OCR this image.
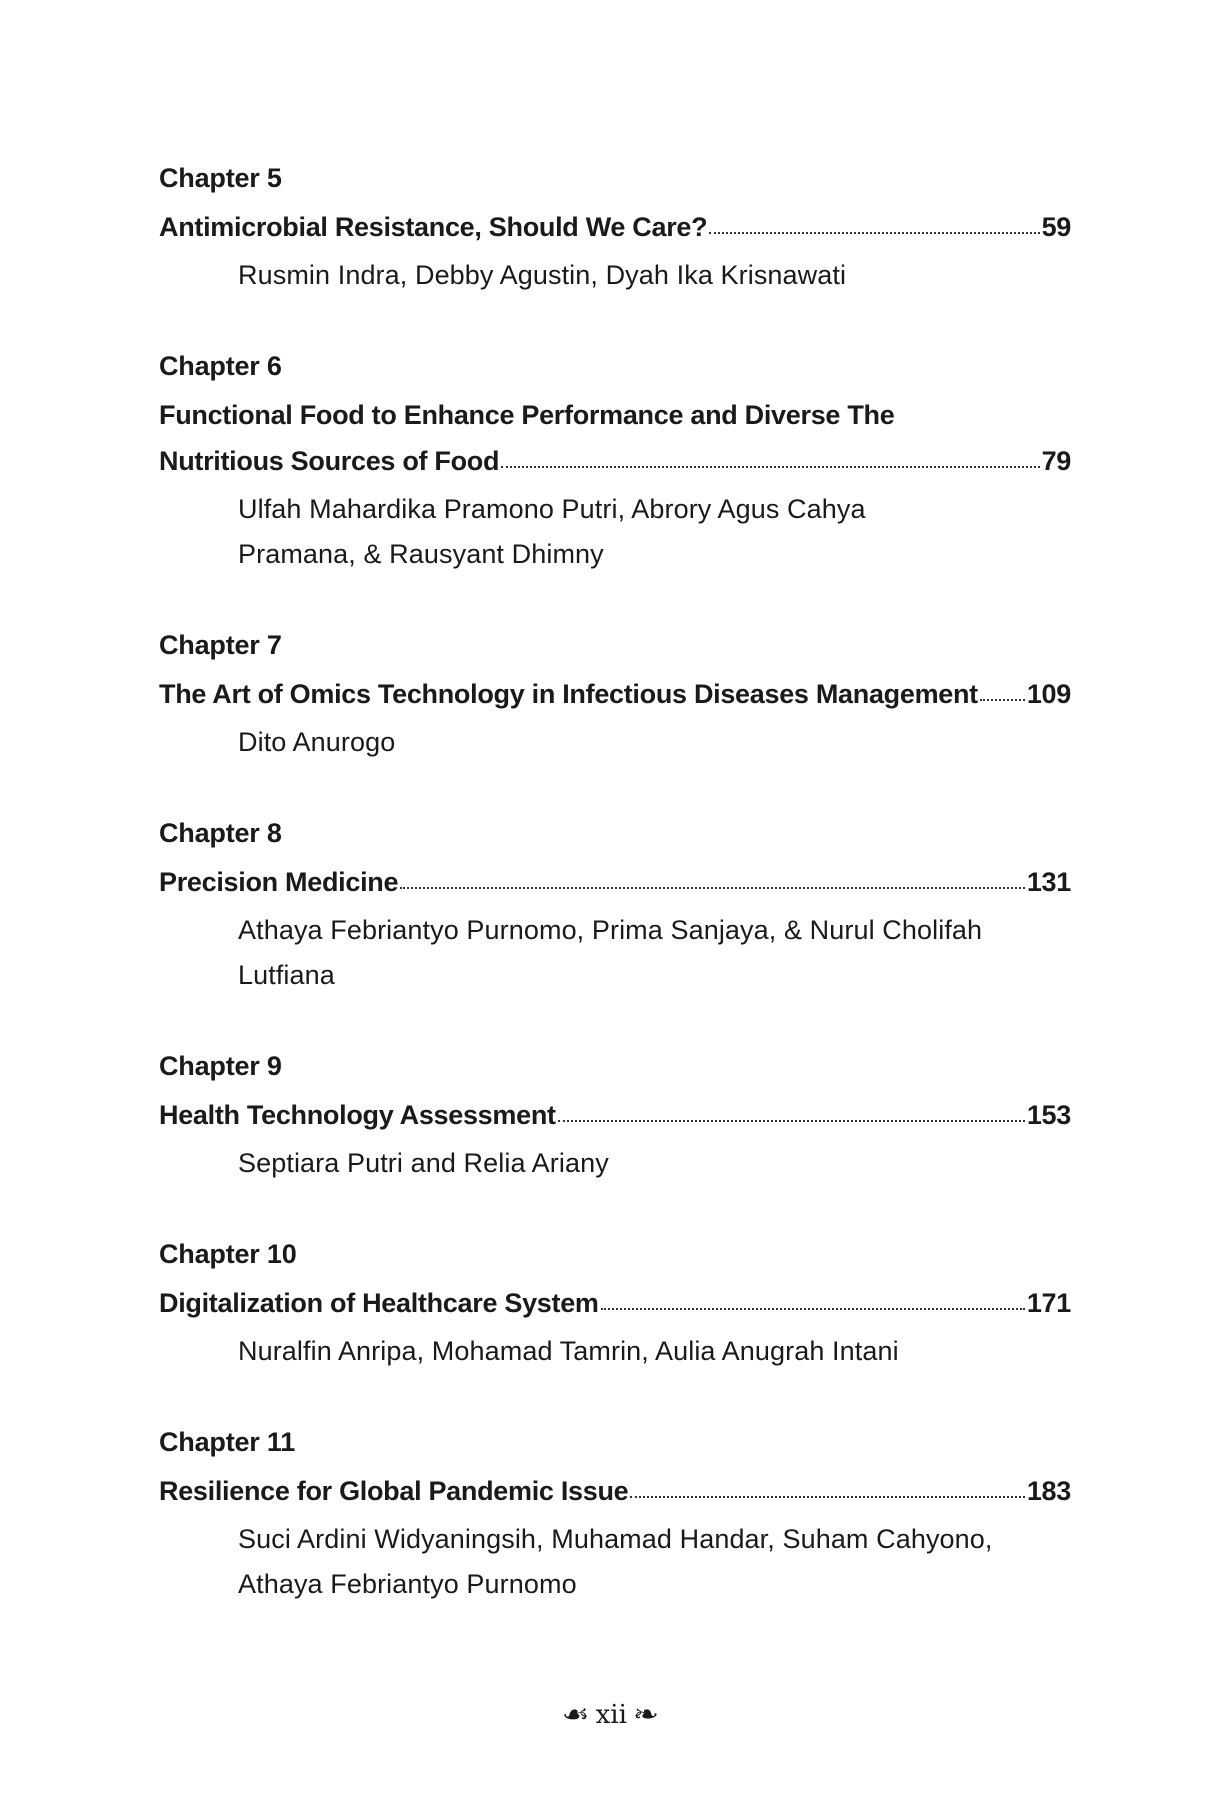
Chapter 5
Antimicrobial Resistance, Should We Care?	59
Rusmin Indra, Debby Agustin, Dyah Ika Krisnawati
Chapter 6
Functional Food to Enhance Performance and Diverse The
Nutritious Sources of Food	79
Ulfah Mahardika Pramono Putri, Abrory Agus Cahya
Pramana, & Rausyant Dhimny
Chapter 7
The Art of Omics Technology in Infectious Diseases Management 109
Dito Anurogo
Chapter 8
Precision Medicine	131
Athaya Febriantyo Purnomo, Prima Sanjaya, & Nurul Cholifah
Lutfiana
Chapter 9
Health Technology Assessment	153
Septiara Putri and Relia Ariany
Chapter 10
Digitalization of Healthcare System	171
Nuralfin Anripa, Mohamad Tamrin, Aulia Anugrah Intani
Chapter 11
Resilience for Global Pandemic Issue	183
Suci Ardini Widyaningsih, Muhamad Handar, Suham Cahyono,
Athaya Febriantyo Purnomo
☙ xii ❧
